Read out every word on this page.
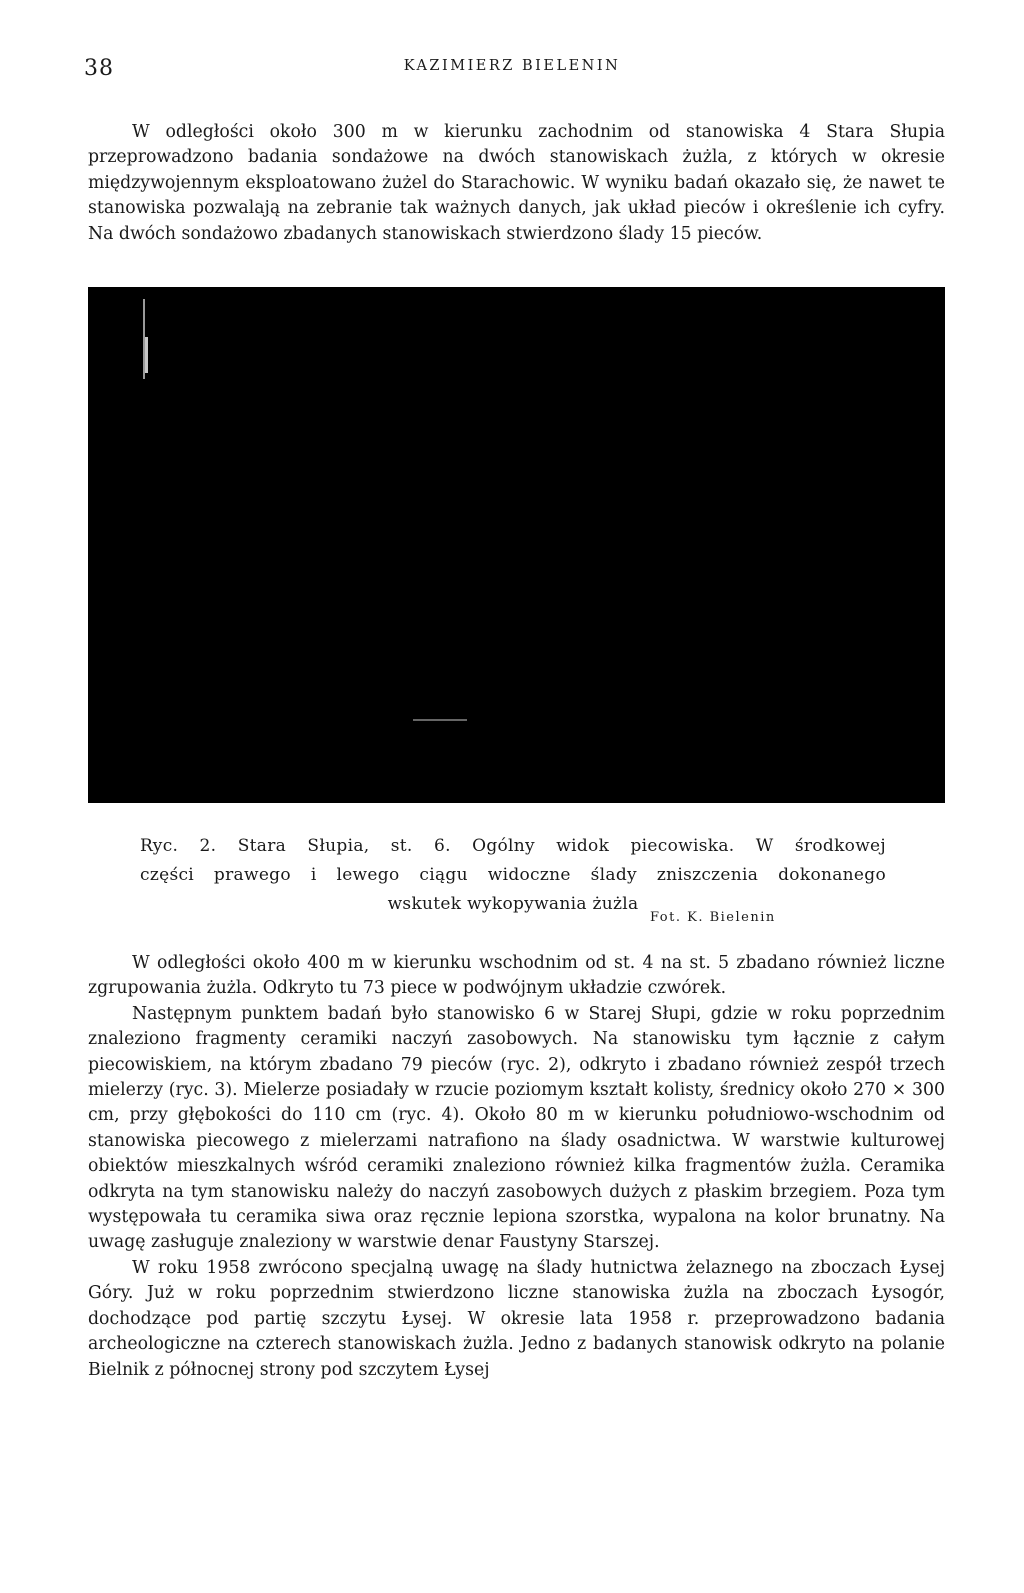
38	KAZIMIERZ BIELENIN

W odległości około 300 m w kierunku zachodnim od stanowiska 4 Stara Słupia przeprowadzono badania sondażowe na dwóch stanowiskach żużla, z których w okresie międzywojennym eksploatowano żużel do Starachowic. W wyniku badań okazało się, że nawet te stanowiska pozwalają na zebranie tak ważnych danych, jak układ pieców i określenie ich cyfry. Na dwóch sondażowo zbadanych stanowiskach stwierdzono ślady 15 pieców.

Ryc. 2. Stara Słupia, st. 6. Ogólny widok piecowiska. W środkowej
części prawego i lewego ciągu widoczne ślady zniszczenia dokonanego
wskutek wykopywania żużla
Fot. K. Bielenin

W odległości około 400 m w kierunku wschodnim od st. 4 na st. 5 zbadano również liczne zgrupowania żużla. Odkryto tu 73 piece w podwójnym układzie czwórek.

Następnym punktem badań było stanowisko 6 w Starej Słupi, gdzie w roku poprzednim znaleziono fragmenty ceramiki naczyń zasobowych. Na stanowisku tym łącznie z całym piecowiskiem, na którym zbadano 79 pieców (ryc. 2), odkryto i zbadano również zespół trzech mielerzy (ryc. 3). Mielerze posiadały w rzucie poziomym kształt kolisty, średnicy około 270 × 300 cm, przy głębokości do 110 cm (ryc. 4). Około 80 m w kierunku południowo-wschodnim od stanowiska piecowego z mielerzami natrafiono na ślady osadnictwa. W warstwie kulturowej obiektów mieszkalnych wśród ceramiki znaleziono również kilka fragmentów żużla. Ceramika odkryta na tym stanowisku należy do naczyń zasobowych dużych z płaskim brzegiem. Poza tym występowała tu ceramika siwa oraz ręcznie lepiona szorstka, wypalona na kolor brunatny. Na uwagę zasługuje znaleziony w warstwie denar Faustyny Starszej.

W roku 1958 zwrócono specjalną uwagę na ślady hutnictwa żelaznego na zboczach Łysej Góry. Już w roku poprzednim stwierdzono liczne stanowiska żużla na zboczach Łysogór, dochodzące pod partię szczytu Łysej. W okresie lata 1958 r. przeprowadzono badania archeologiczne na czterech stanowiskach żużla. Jedno z badanych stanowisk odkryto na polanie Bielnik z północnej strony pod szczytem Łysej
